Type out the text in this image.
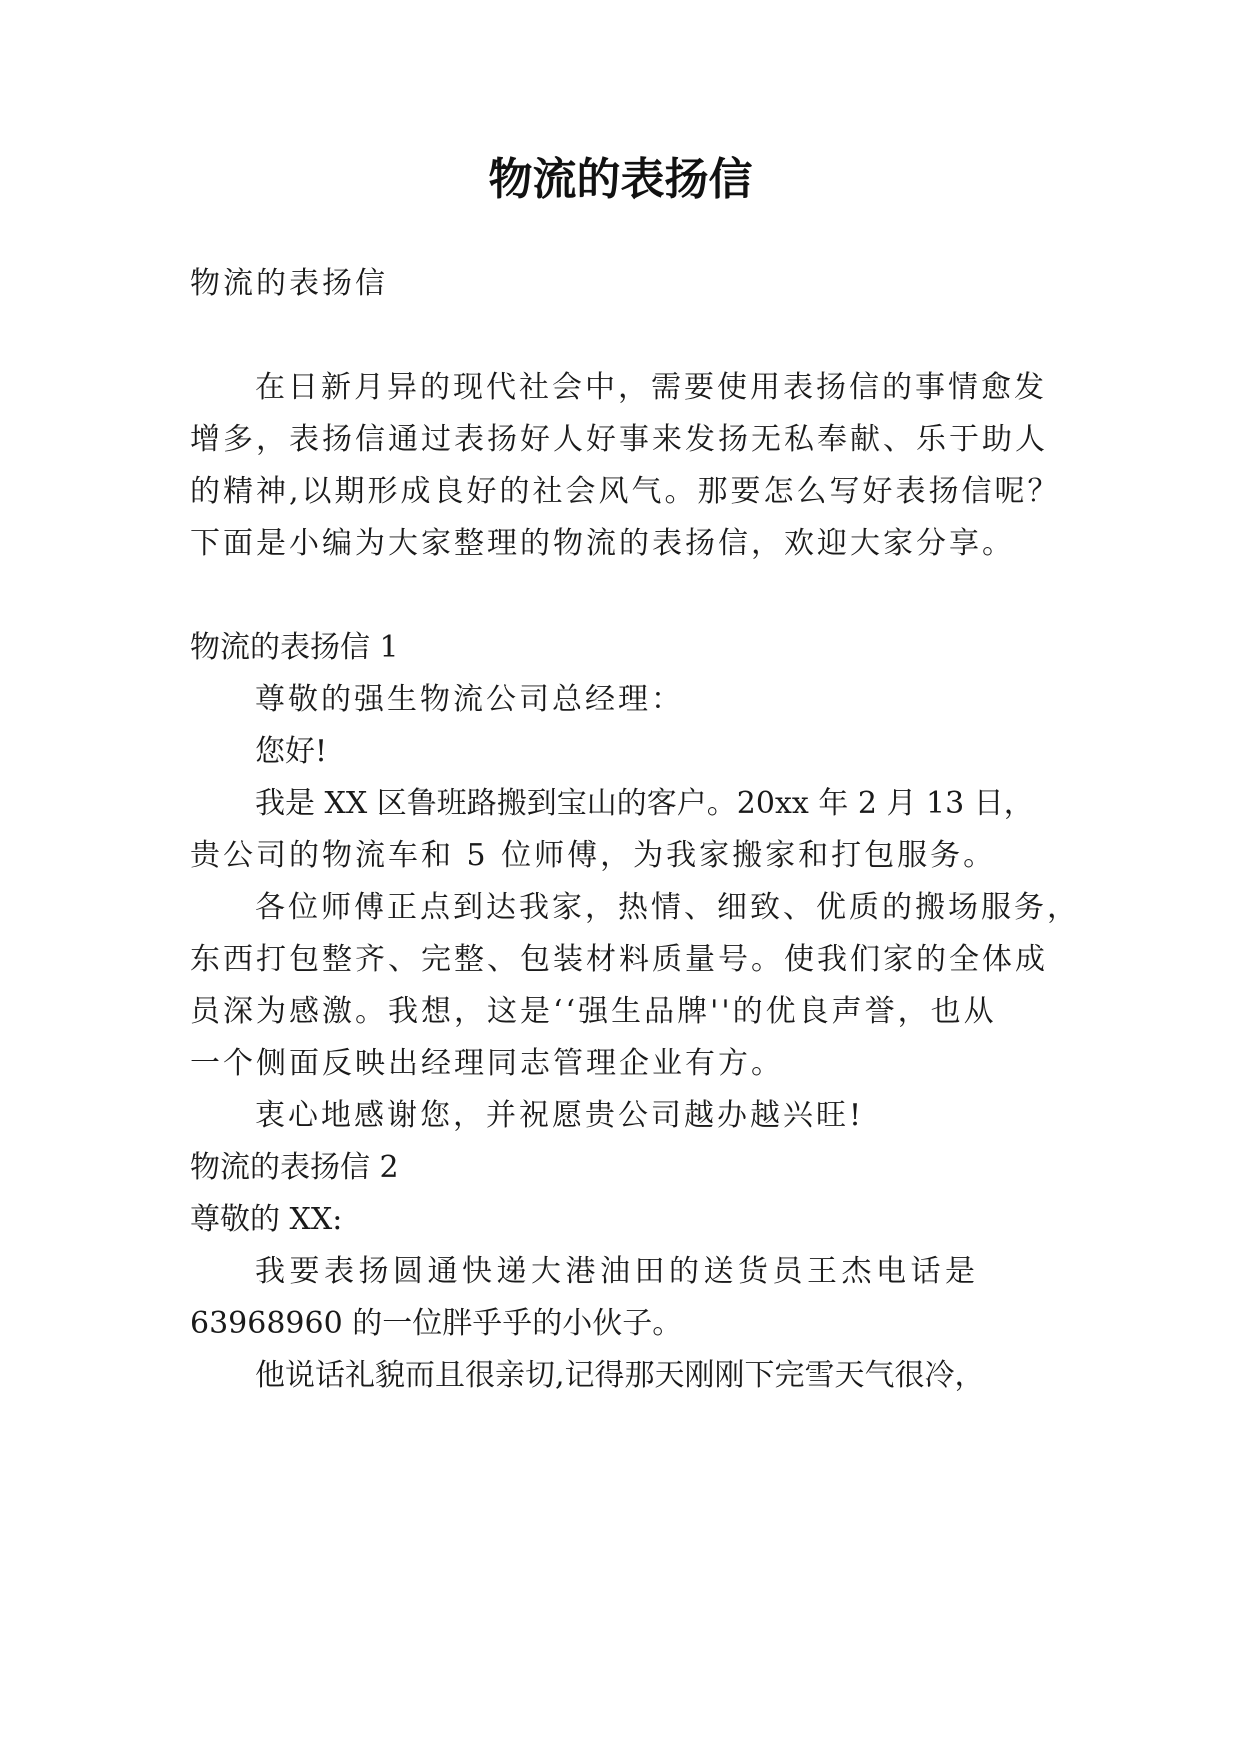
物流的表扬信

物流的表扬信

在日新月异的现代社会中，需要使用表扬信的事情愈发

增多，表扬信通过表扬好人好事来发扬无私奉献、乐于助人

的精神,以期形成良好的社会风气。那要怎么写好表扬信呢？

下面是小编为大家整理的物流的表扬信，欢迎大家分享。

物流的表扬信 1

尊敬的强生物流公司总经理：

您好!

我是 XX 区鲁班路搬到宝山的客户。20xx 年 2 月 13 日，

贵公司的物流车和 5 位师傅，为我家搬家和打包服务。

各位师傅正点到达我家，热情、细致、优质的搬场服务，

东西打包整齐、完整、包装材料质量号。使我们家的全体成

员深为感激。我想，这是‘‘强生品牌''的优良声誉，也从

一个侧面反映出经理同志管理企业有方。

衷心地感谢您，并祝愿贵公司越办越兴旺!

物流的表扬信 2

尊敬的 XX:

我要表扬圆通快递大港油田的送货员王杰电话是

63968960 的一位胖乎乎的小伙子。

他说话礼貌而且很亲切,记得那天刚刚下完雪天气很冷，
